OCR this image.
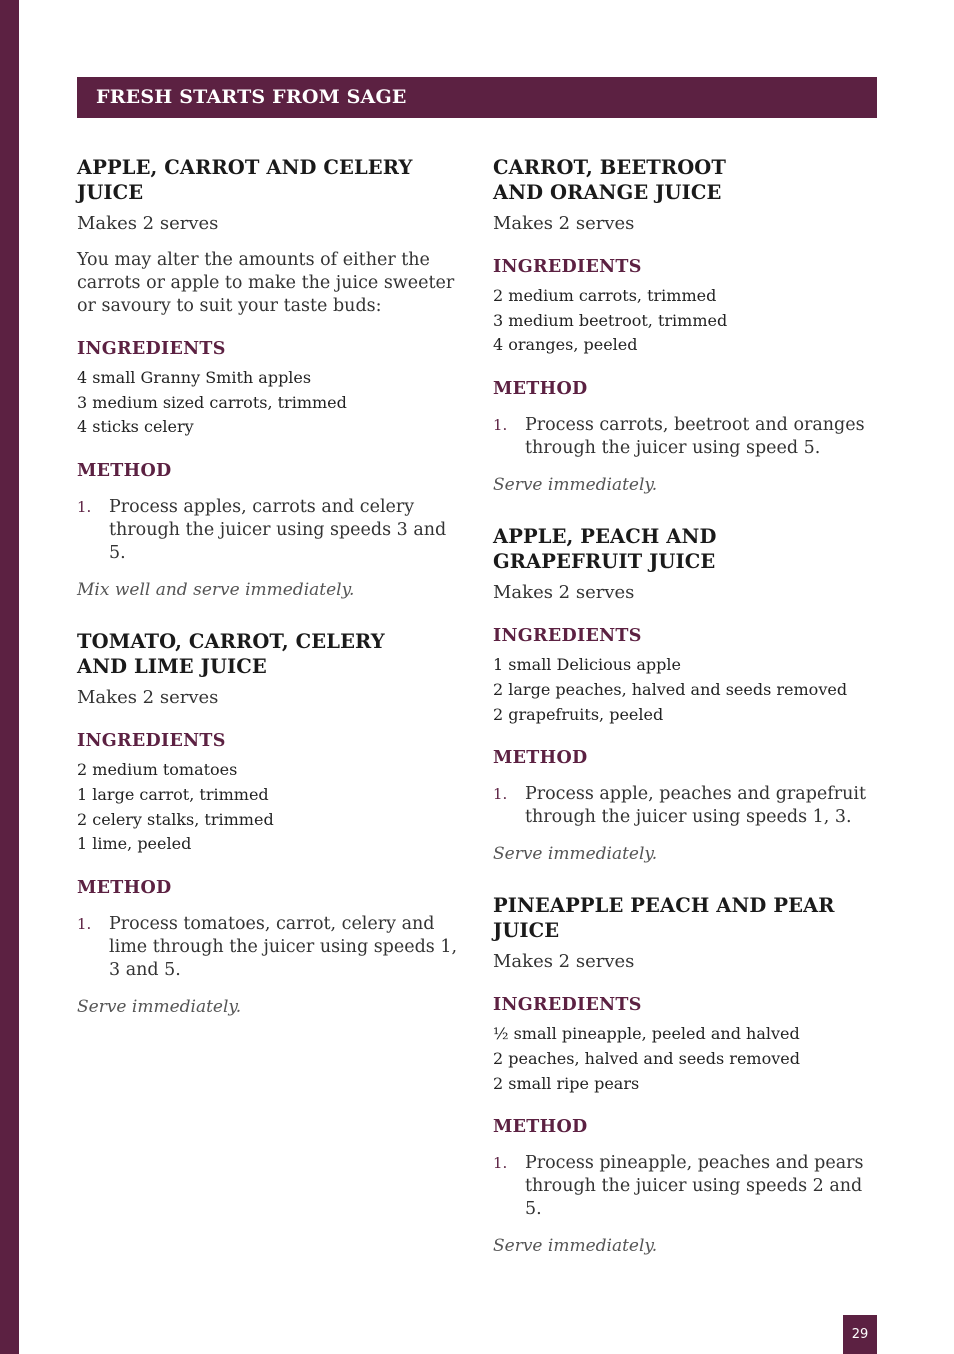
FRESH STARTS FROM SAGE
APPLE, CARROT AND CELERY JUICE

Makes 2 serves

You may alter the amounts of either the carrots or apple to make the juice sweeter or savoury to suit your taste buds:

INGREDIENTS
4 small Granny Smith apples
3 medium sized carrots, trimmed
4 sticks celery
METHOD
1. Process apples, carrots and celery through the juicer using speeds 3 and 5.

Mix well and serve immediately.

TOMATO, CARROT, CELERY
AND LIME JUICE

Makes 2 serves

INGREDIENTS
2 medium tomatoes
1 large carrot, trimmed
2 celery stalks, trimmed
1 lime, peeled
METHOD
1. Process tomatoes, carrot, celery and lime through the juicer using speeds 1, 3 and 5.

Serve immediately.

CARROT, BEETROOT
AND ORANGE JUICE

Makes 2 serves

INGREDIENTS
2 medium carrots, trimmed
3 medium beetroot, trimmed
4 oranges, peeled
METHOD
1. Process carrots, beetroot and oranges through the juicer using speed 5.

Serve immediately.

APPLE, PEACH AND
GRAPEFRUIT JUICE

Makes 2 serves

INGREDIENTS
1 small Delicious apple
2 large peaches, halved and seeds removed
2 grapefruits, peeled
METHOD
1. Process apple, peaches and grapefruit through the juicer using speeds 1, 3.

Serve immediately.

PINEAPPLE PEACH AND PEAR JUICE

Makes 2 serves

INGREDIENTS
½ small pineapple, peeled and halved
2 peaches, halved and seeds removed
2 small ripe pears
METHOD
1. Process pineapple, peaches and pears through the juicer using speeds 2 and 5.

Serve immediately.

29
